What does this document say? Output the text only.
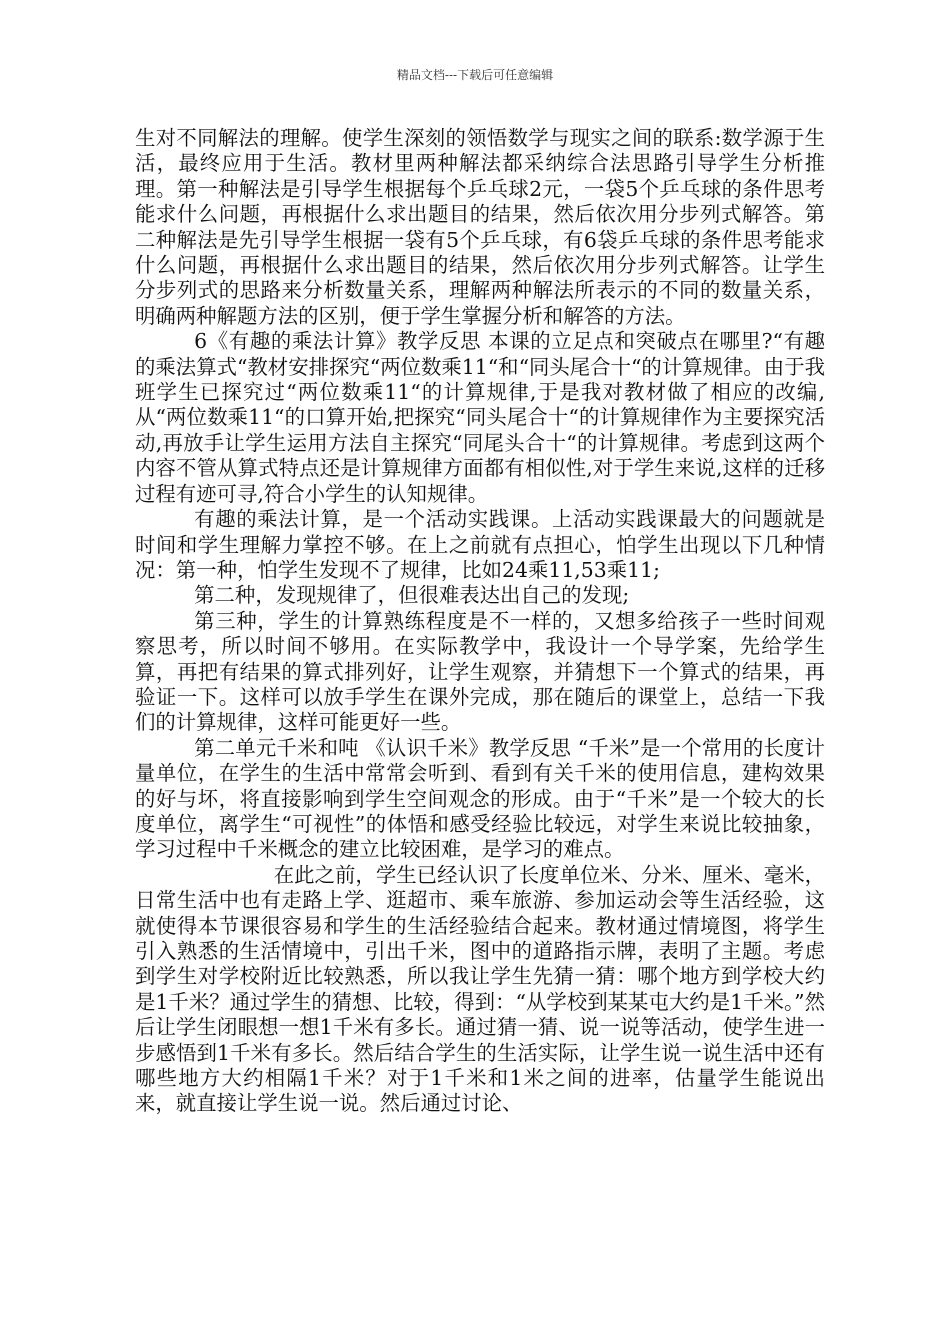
精品文档---下载后可任意编辑

生对不同解法的理解。使学生深刻的领悟数学与现实之间的联系:数学源于生活，最终应用于生活。教材里两种解法都采纳综合法思路引导学生分析推理。第一种解法是引导学生根据每个乒乓球2元，一袋5个乒乓球的条件思考能求什么问题，再根据什么求出题目的结果，然后依次用分步列式解答。第二种解法是先引导学生根据一袋有5个乒乓球，有6袋乒乓球的条件思考能求什么问题，再根据什么求出题目的结果，然后依次用分步列式解答。让学生分步列式的思路来分析数量关系，理解两种解法所表示的不同的数量关系，明确两种解题方法的区别，便于学生掌握分析和解答的方法。

6《有趣的乘法计算》教学反思 本课的立足点和突破点在哪里?“有趣的乘法算式“教材安排探究“两位数乘11“和“同头尾合十“的计算规律。由于我班学生已探究过“两位数乘11“的计算规律,于是我对教材做了相应的改编,从“两位数乘11“的口算开始,把探究“同头尾合十“的计算规律作为主要探究活动,再放手让学生运用方法自主探究“同尾头合十“的计算规律。考虑到这两个内容不管从算式特点还是计算规律方面都有相似性,对于学生来说,这样的迁移过程有迹可寻,符合小学生的认知规律。

有趣的乘法计算，是一个活动实践课。上活动实践课最大的问题就是时间和学生理解力掌控不够。在上之前就有点担心，怕学生出现以下几种情况：第一种，怕学生发现不了规律，比如24乘11,53乘11;

第二种，发现规律了，但很难表达出自己的发现;

第三种，学生的计算熟练程度是不一样的，又想多给孩子一些时间观察思考，所以时间不够用。在实际教学中，我设计一个导学案，先给学生算，再把有结果的算式排列好，让学生观察，并猜想下一个算式的结果，再验证一下。这样可以放手学生在课外完成，那在随后的课堂上，总结一下我们的计算规律，这样可能更好一些。

第二单元千米和吨 《认识千米》教学反思 “千米”是一个常用的长度计量单位，在学生的生活中常常会听到、看到有关千米的使用信息，建构效果的好与坏，将直接影响到学生空间观念的形成。由于“千米”是一个较大的长度单位，离学生“可视性”的体悟和感受经验比较远，对学生来说比较抽象，学习过程中千米概念的建立比较困难，是学习的难点。

在此之前，学生已经认识了长度单位米、分米、厘米、毫米，日常生活中也有走路上学、逛超市、乘车旅游、参加运动会等生活经验，这就使得本节课很容易和学生的生活经验结合起来。教材通过情境图，将学生引入熟悉的生活情境中，引出千米，图中的道路指示牌，表明了主题。考虑到学生对学校附近比较熟悉，所以我让学生先猜一猜：哪个地方到学校大约是1千米？通过学生的猜想、比较，得到：“从学校到某某屯大约是1千米。”然后让学生闭眼想一想1千米有多长。通过猜一猜、说一说等活动，使学生进一步感悟到1千米有多长。然后结合学生的生活实际，让学生说一说生活中还有哪些地方大约相隔1千米？对于1千米和1米之间的进率，估量学生能说出来，就直接让学生说一说。然后通过讨论、
